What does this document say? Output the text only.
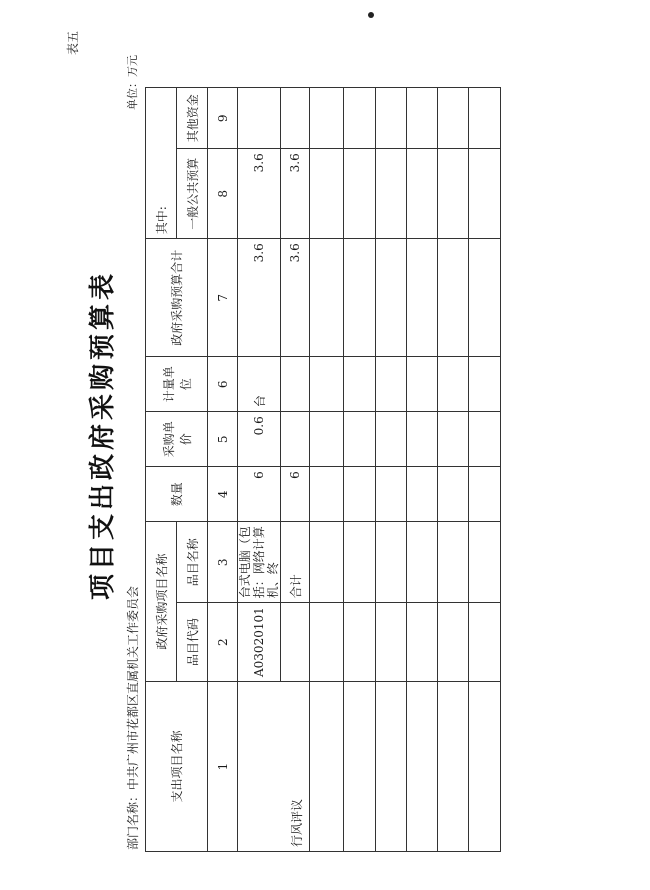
表五
项目支出政府采购预算表
部门名称：中共广州市花都区直属机关工作委员会
单位：万元
支出项目名称	政府采购项目名称		数量	采购单价	计量单位	政府采购预算合计	其中:	
	品目代码	品目名称					一般公共预算	其他资金

1	2	3	4	5	6	7	8	9
行风评议	A03020101	台式电脑（包括：网络计算机、终	6	0.6	台	3.6	3.6	
		合计	6			3.6	3.6	
